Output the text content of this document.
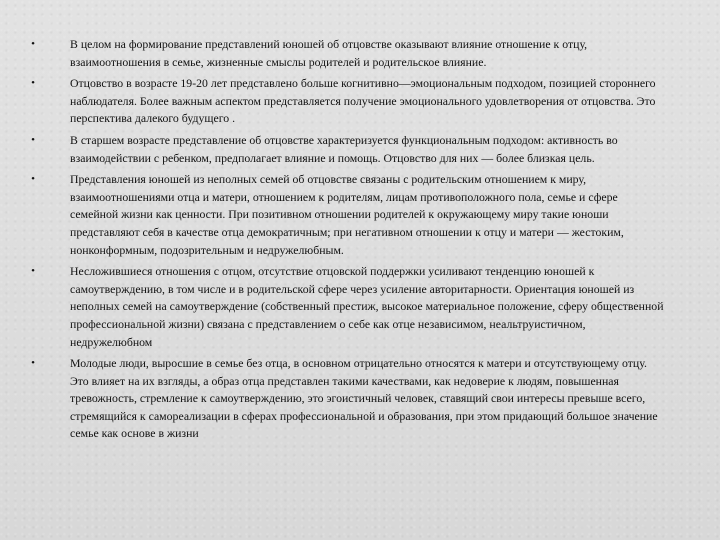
•	В целом на формирование представлений юношей об отцовстве оказывают влияние отношение к отцу, взаимоотношения в семье, жизненные смыслы родителей и родительское влияние.
•	Отцовство в возрасте 19-20 лет представлено больше когнитивно—эмоциональным подходом, позицией стороннего наблюдателя. Более важным аспектом представляется получение эмоционального удовлетворения от отцовства. Это перспектива далекого будущего .
•	В старшем возрасте представление об отцовстве характеризуется функциональным подходом: активность во взаимодействии с ребенком, предполагает влияние и помощь. Отцовство для них — более близкая цель.
•	Представления юношей из неполных семей об отцовстве связаны с родительским отношением к миру, взаимоотношениями отца и матери, отношением к родителям, лицам противоположного пола, семье и сфере семейной жизни как ценности. При позитивном отношении родителей к окружающему миру такие юноши представляют себя в качестве отца демократичным; при негативном отношении к отцу и матери — жестоким, нонконформным, подозрительным и недружелюбным.
•	Несложившиеся отношения с отцом, отсутствие отцовской поддержки усиливают тенденцию юношей к самоутверждению, в том числе и в родительской сфере через усиление авторитарности. Ориентация юношей из неполных семей на самоутверждение (собственный престиж, высокое материальное положение, сферу общественной профессиональной жизни) связана с представлением о себе как отце независимом, неальтруистичном, недружелюбном
•	Молодые люди, выросшие в семье без отца, в основном отрицательно относятся к матери и отсутствующему отцу. Это влияет на их взгляды, а образ отца представлен такими качествами, как недоверие к людям, повышенная тревожность, стремление к самоутверждению, это эгоистичный человек, ставящий свои интересы превыше всего, стремящийся к самореализации в сферах профессиональной и образования, при этом придающий большое значение семье как основе в жизни
